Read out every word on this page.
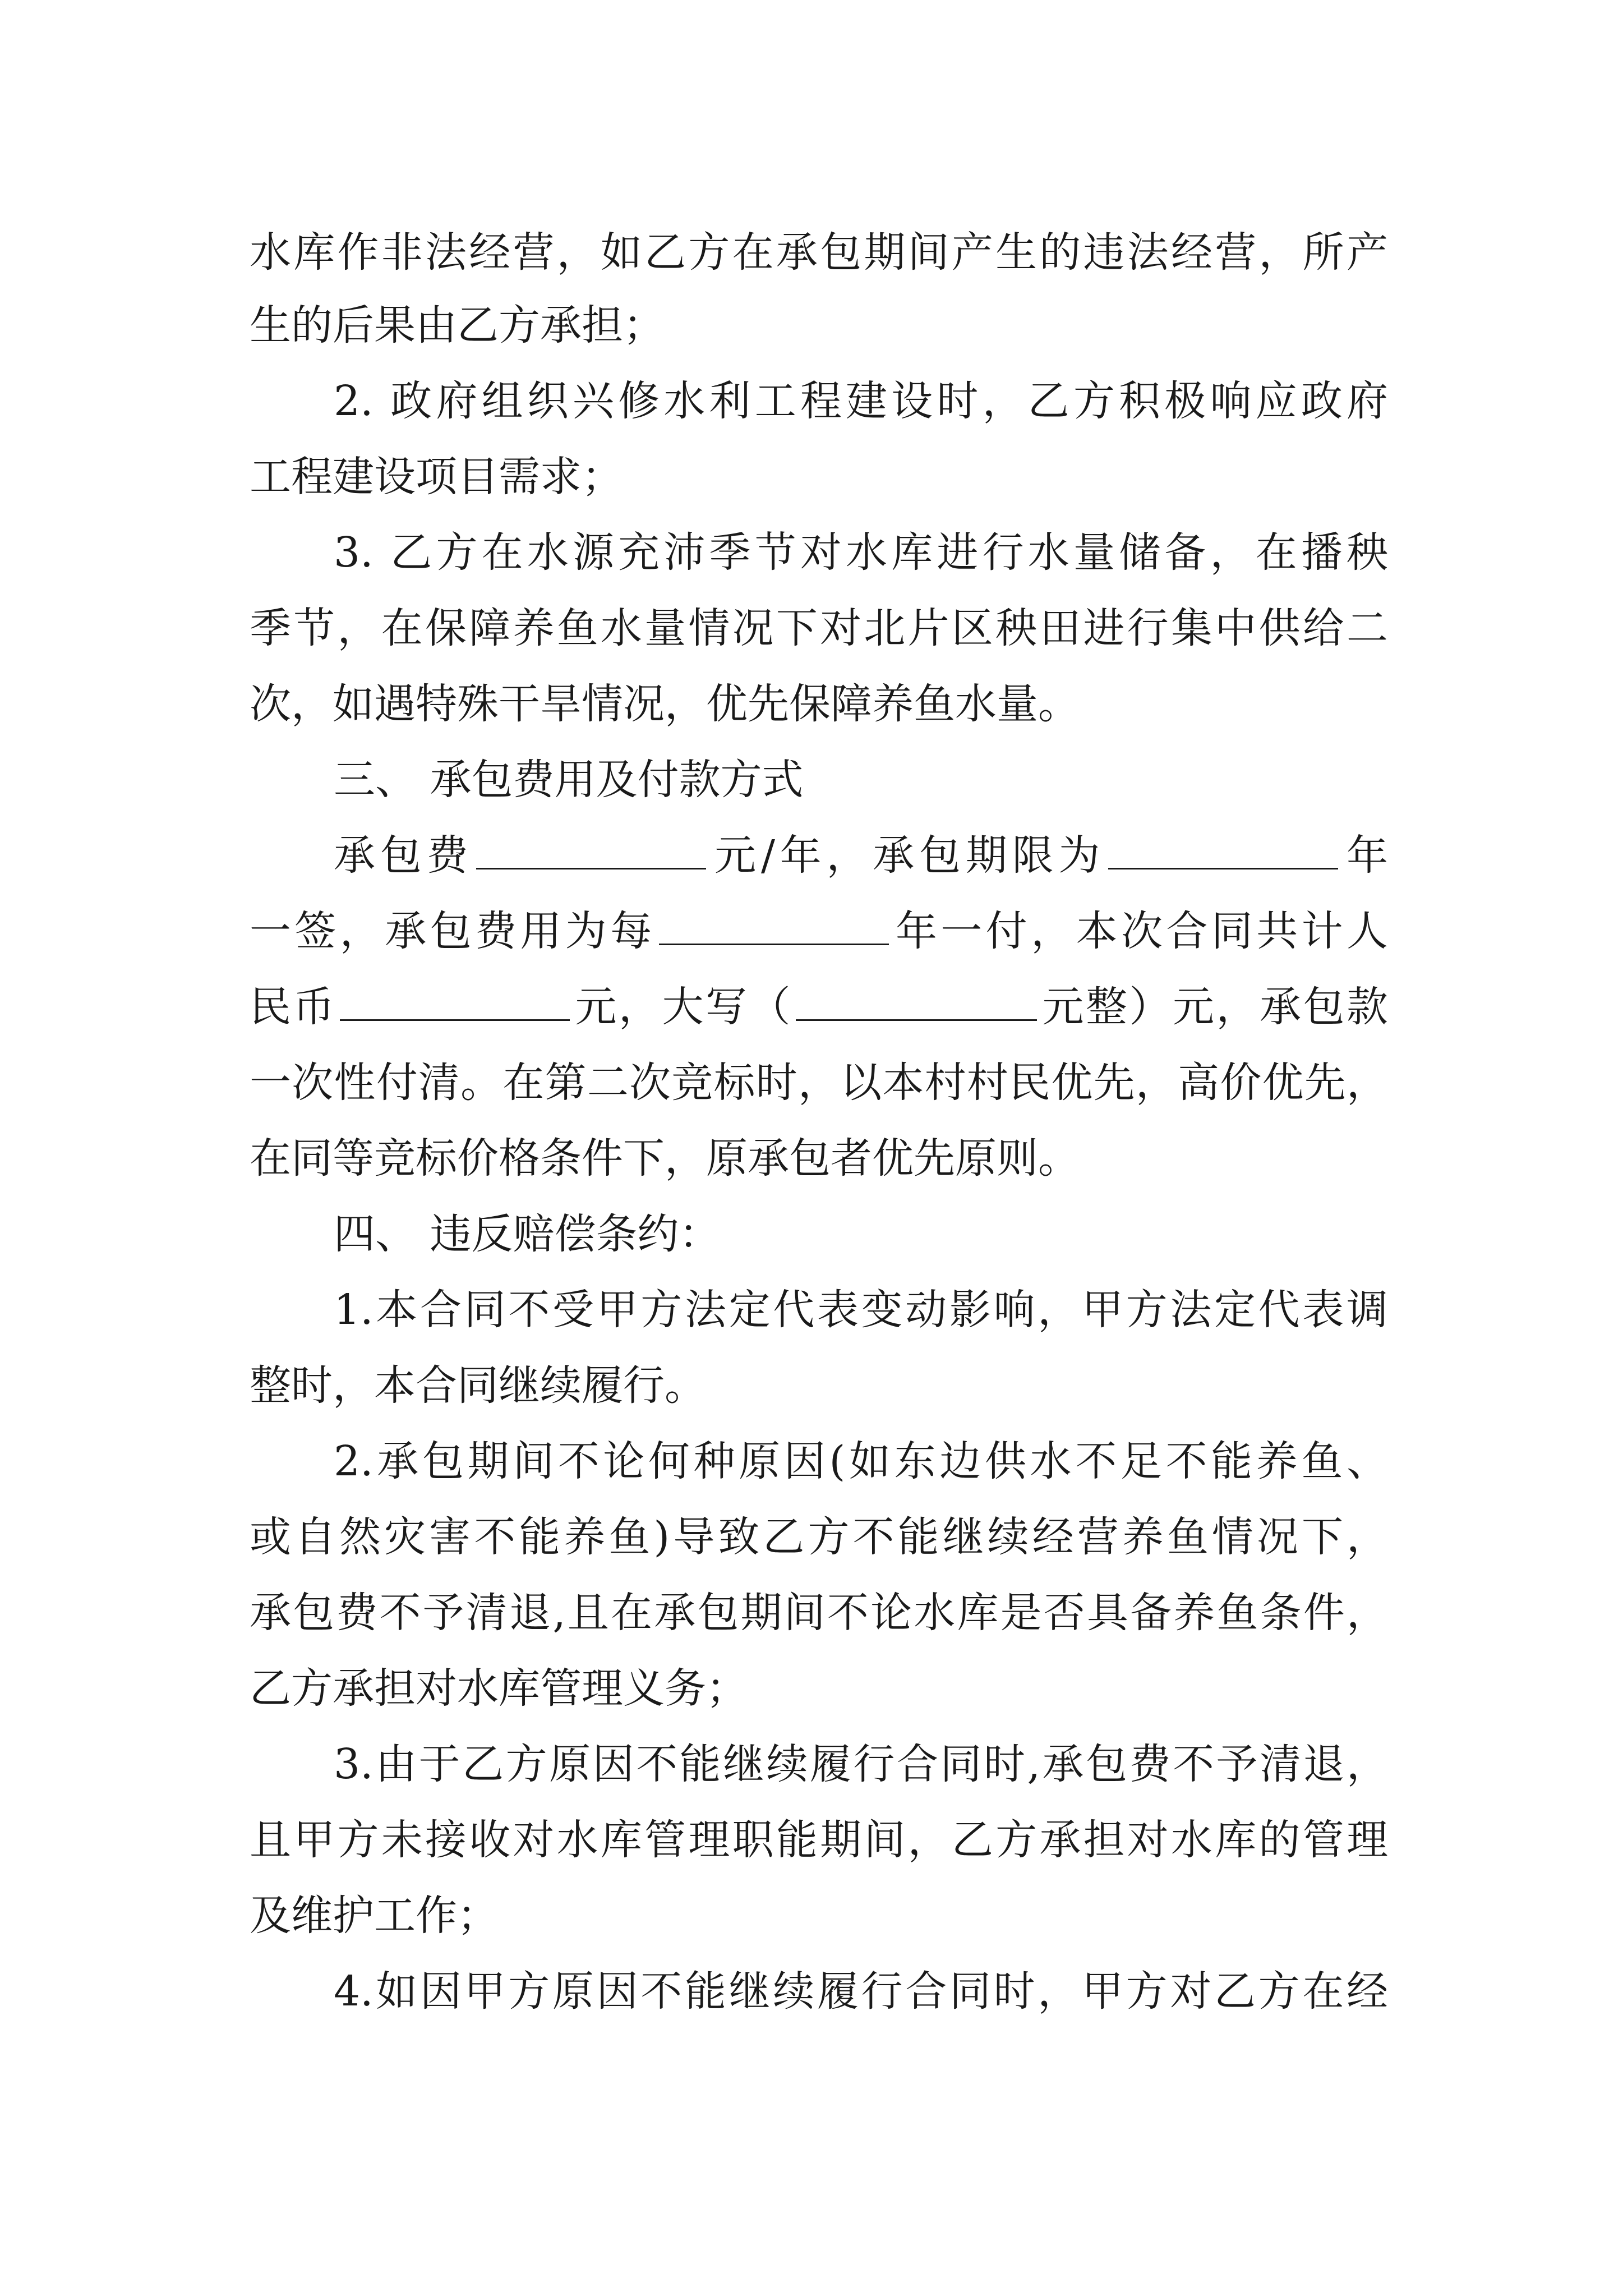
水库作非法经营，如乙方在承包期间产生的违法经营，所产
生的后果由乙方承担；
2. 政府组织兴修水利工程建设时，乙方积极响应政府
工程建设项目需求；
3. 乙方在水源充沛季节对水库进行水量储备，在播秧
季节，在保障养鱼水量情况下对北片区秧田进行集中供给二
次，如遇特殊干旱情况，优先保障养鱼水量。
三、 承包费用及付款方式
承包费	元/年，承包期限为	年
一签，承包费用为每	年一付，本次合同共计人
民币	元，大写（	元整）元，承包款
一次性付清。在第二次竞标时，以本村村民优先，高价优先，
在同等竞标价格条件下，原承包者优先原则。
四、 违反赔偿条约：
1.本合同不受甲方法定代表变动影响，甲方法定代表调
整时，本合同继续履行。
2.承包期间不论何种原因(如东边供水不足不能养鱼、
或自然灾害不能养鱼)导致乙方不能继续经营养鱼情况下，
承包费不予清退,且在承包期间不论水库是否具备养鱼条件，
乙方承担对水库管理义务；
3.由于乙方原因不能继续履行合同时,承包费不予清退，
且甲方未接收对水库管理职能期间，乙方承担对水库的管理
及维护工作；
4.如因甲方原因不能继续履行合同时，甲方对乙方在经
